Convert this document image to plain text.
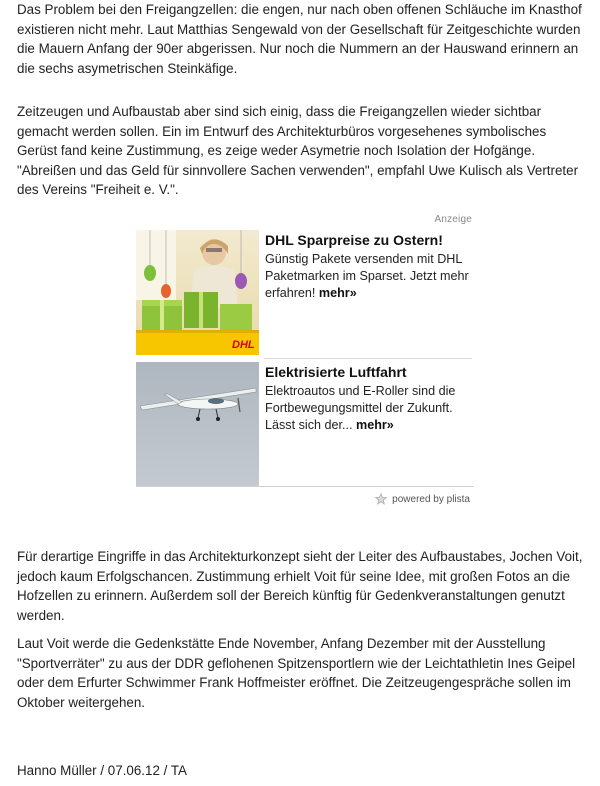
Das Problem bei den Freigangzellen: die engen, nur nach oben offenen Schläuche im Knasthof existieren nicht mehr. Laut Matthias Sengewald von der Gesellschaft für Zeitgeschichte wurden die Mauern Anfang der 90er abgerissen. Nur noch die Nummern an der Hauswand erinnern an die sechs asymetrischen Steinkäfige.
Zeitzeugen und Aufbaustab aber sind sich einig, dass die Freigangzellen wieder sichtbar gemacht werden sollen. Ein im Entwurf des Architekturbüros vorgesehenes symbolisches Gerüst fand keine Zustimmung, es zeige weder Asymetrie noch Isolation der Hofgänge. "Abreißen und das Geld für sinnvollere Sachen verwenden", empfahl Uwe Kulisch als Vertreter des Vereins "Freiheit e. V.".
Anzeige
DHL
DHL Sparpreise zu Ostern!
Günstig Pakete versenden mit DHL Paketmarken im Sparset. Jetzt mehr erfahren! mehr»
Elektrisierte Luftfahrt
Elektroautos und E-Roller sind die Fortbewegungsmittel der Zukunft. Lässt sich der... mehr»
powered by plista
Für derartige Eingriffe in das Architekturkonzept sieht der Leiter des Aufbaustabes, Jochen Voit, jedoch kaum Erfolgschancen. Zustimmung erhielt Voit für seine Idee, mit großen Fotos an die Hofzellen zu erinnern. Außerdem soll der Bereich künftig für Gedenkveranstaltungen genutzt werden.
Laut Voit werde die Gedenkstätte Ende November, Anfang Dezember mit der Ausstellung "Sportverräter" zu aus der DDR geflohenen Spitzensportlern wie der Leichtathletin Ines Geipel oder dem Erfurter Schwimmer Frank Hoffmeister eröffnet. Die Zeitzeugengespräche sollen im Oktober weitergehen.
Hanno Müller / 07.06.12 / TA
